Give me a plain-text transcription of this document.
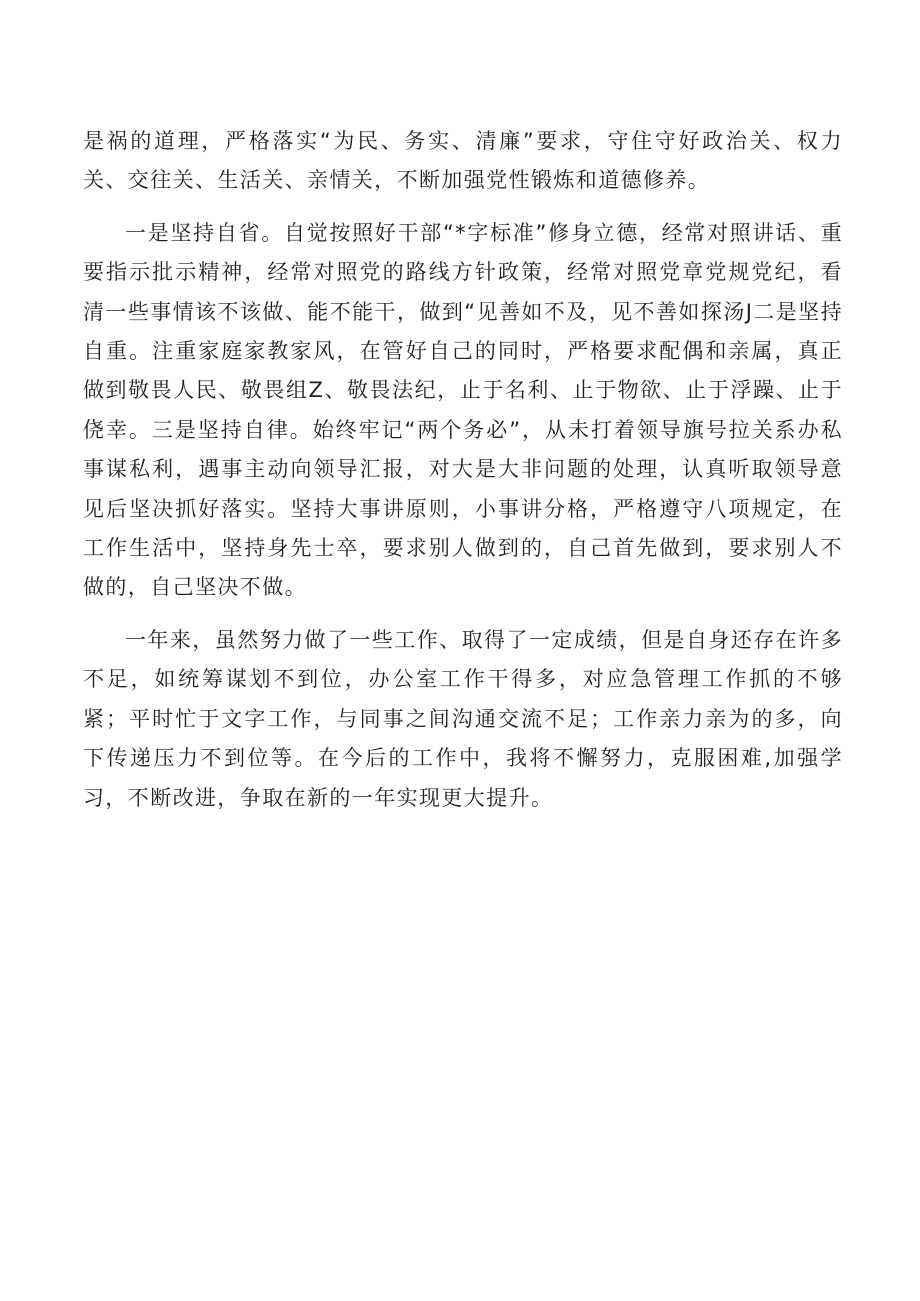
是祸的道理，严格落实“为民、务实、清廉”要求，守住守好政治关、权力关、交往关、生活关、亲情关，不断加强党性锻炼和道德修养。

一是坚持自省。自觉按照好干部“*字标准”修身立德，经常对照讲话、重要指示批示精神，经常对照党的路线方针政策，经常对照党章党规党纪，看清一些事情该不该做、能不能干，做到“见善如不及，见不善如探汤J二是坚持自重。注重家庭家教家风，在管好自己的同时，严格要求配偶和亲属，真正做到敬畏人民、敬畏组Z、敬畏法纪，止于名利、止于物欲、止于浮躁、止于侥幸。三是坚持自律。始终牢记“两个务必”，从未打着领导旗号拉关系办私事谋私利，遇事主动向领导汇报，对大是大非问题的处理，认真听取领导意见后坚决抓好落实。坚持大事讲原则，小事讲分格，严格遵守八项规定，在工作生活中，坚持身先士卒，要求别人做到的，自己首先做到，要求别人不做的，自己坚决不做。

一年来，虽然努力做了一些工作、取得了一定成绩，但是自身还存在许多不足，如统筹谋划不到位，办公室工作干得多，对应急管理工作抓的不够紧；平时忙于文字工作，与同事之间沟通交流不足；工作亲力亲为的多，向下传递压力不到位等。在今后的工作中，我将不懈努力，克服困难,加强学习，不断改进，争取在新的一年实现更大提升。
